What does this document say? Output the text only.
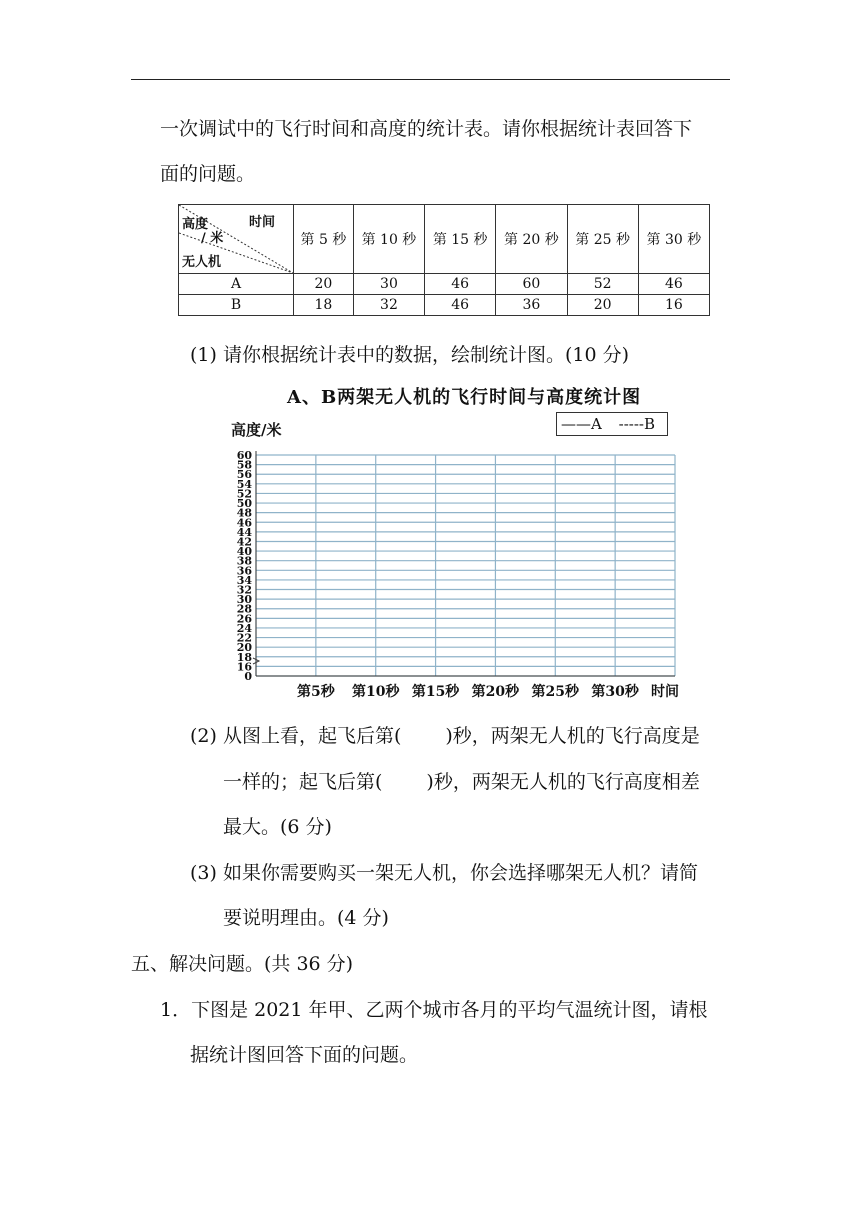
一次调试中的飞行时间和高度的统计表。请你根据统计表回答下
面的问题。
时间
高度
/ 米
无人机	第 5 秒	第 10 秒	第 15 秒	第 20 秒	第 25 秒	第 30 秒
A	20	30	46	60	52	46
B	18	32	46	36	20	16
(1) 请你根据统计表中的数据，绘制统计图。(10 分)
A、B两架无人机的飞行时间与高度统计图
高度/米	——A -----B
60
58
56
54
52
50
48
46
44
42
40
38
36
34
32
30
28
26
24
22
20
18
16
0
第5秒 第10秒 第15秒 第20秒 第25秒 第30秒 时间
(2) 从图上看，起飞后第( )秒，两架无人机的飞行高度是
一样的；起飞后第( )秒，两架无人机的飞行高度相差
最大。(6 分)
(3) 如果你需要购买一架无人机，你会选择哪架无人机？请简
要说明理由。(4 分)
五、解决问题。(共 36 分)
1．下图是 2021 年甲、乙两个城市各月的平均气温统计图，请根
据统计图回答下面的问题。
